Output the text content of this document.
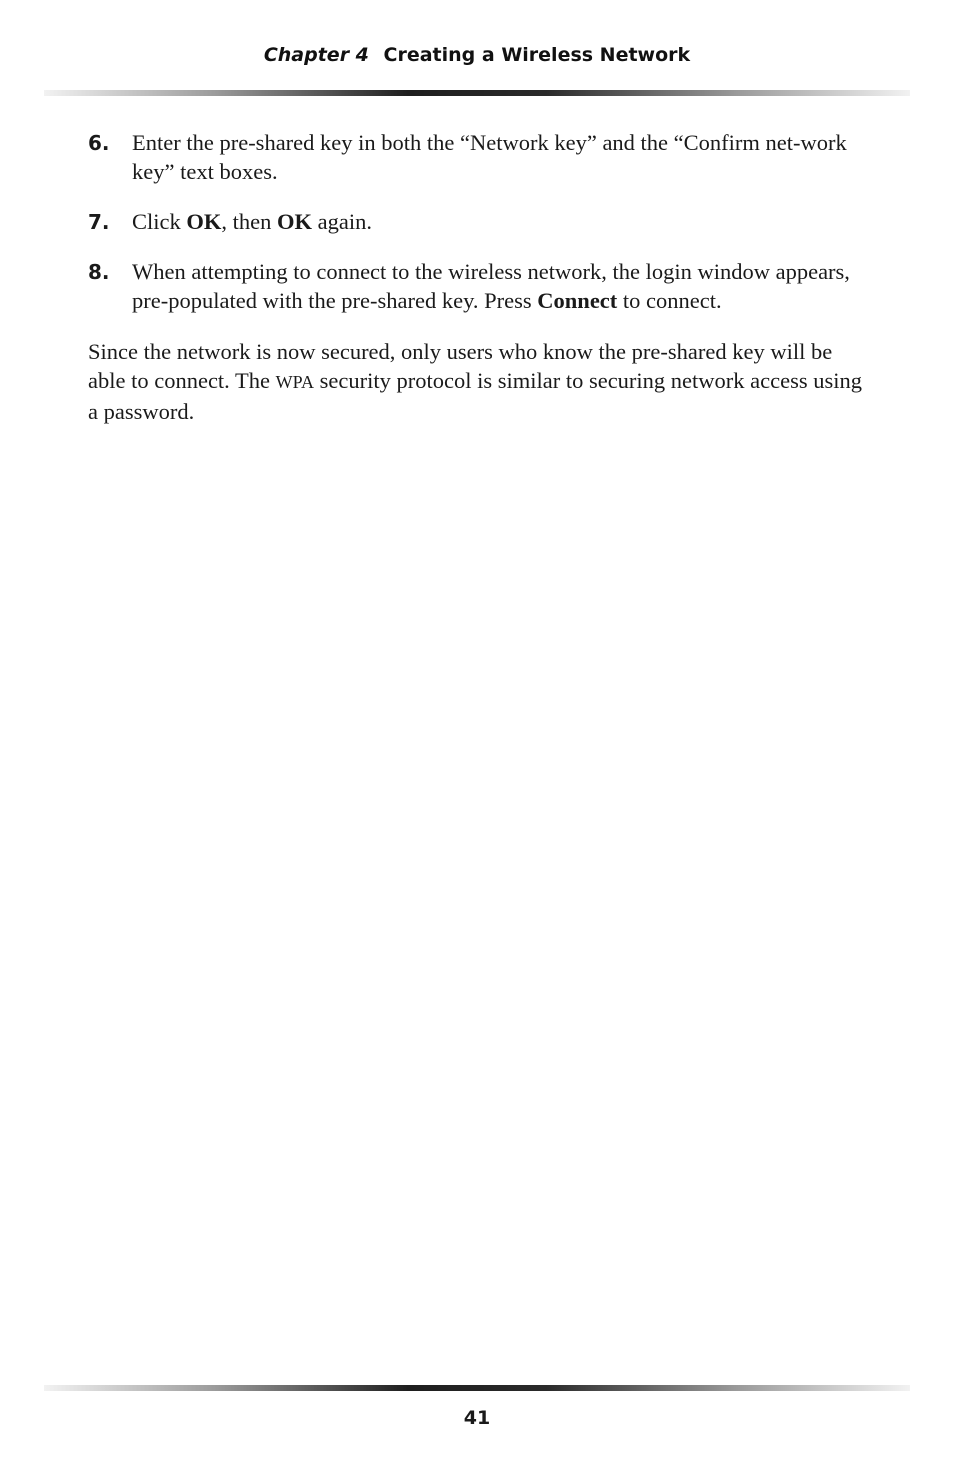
Chapter 4 Creating a Wireless Network
6. Enter the pre-shared key in both the “Network key” and the “Confirm net-work key” text boxes.
7. Click OK, then OK again.
8. When attempting to connect to the wireless network, the login window appears, pre-populated with the pre-shared key. Press Connect to connect.
Since the network is now secured, only users who know the pre-shared key will be able to connect. The WPA security protocol is similar to securing network access using a password.
41
